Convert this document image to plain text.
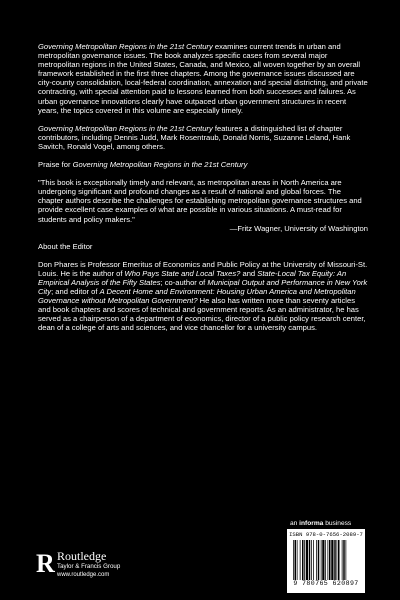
Governing Metropolitan Regions in the 21st Century examines current trends in urban and metropolitan governance issues. The book analyzes specific cases from several major metropolitan regions in the United States, Canada, and Mexico, all woven together by an overall framework established in the first three chapters. Among the governance issues discussed are city-county consolidation, local-federal coordination, annexation and special districting, and private contracting, with special attention paid to lessons learned from both successes and failures. As urban governance innovations clearly have outpaced urban government structures in recent years, the topics covered in this volume are especially timely.

Governing Metropolitan Regions in the 21st Century features a distinguished list of chapter contributors, including Dennis Judd, Mark Rosentraub, Donald Norris, Suzanne Leland, Hank Savitch, Ronald Vogel, among others.

Praise for Governing Metropolitan Regions in the 21st Century

"This book is exceptionally timely and relevant, as metropolitan areas in North America are undergoing significant and profound changes as a result of national and global forces. The chapter authors describe the challenges for establishing metropolitan governance structures and provide excellent case examples of what are possible in various situations. A must-read for students and policy makers."

—Fritz Wagner, University of Washington

About the Editor

Don Phares is Professor Emeritus of Economics and Public Policy at the University of Missouri-St. Louis. He is the author of Who Pays State and Local Taxes? and State-Local Tax Equity: An Empirical Analysis of the Fifty States; co-author of Municipal Output and Performance in New York City; and editor of A Decent Home and Environment: Housing Urban America and Metropolitan Governance without Metropolitan Government? He also has written more than seventy articles and book chapters and scores of technical and government reports. As an administrator, he has served as a chairperson of a department of economics, director of a public policy research center, dean of a college of arts and sciences, and vice chancellor for a university campus.

an informa business
R Routledge
Taylor & Francis Group
www.routledge.com
ISBN 978-0-7656-2089-7
9 780765 620897
